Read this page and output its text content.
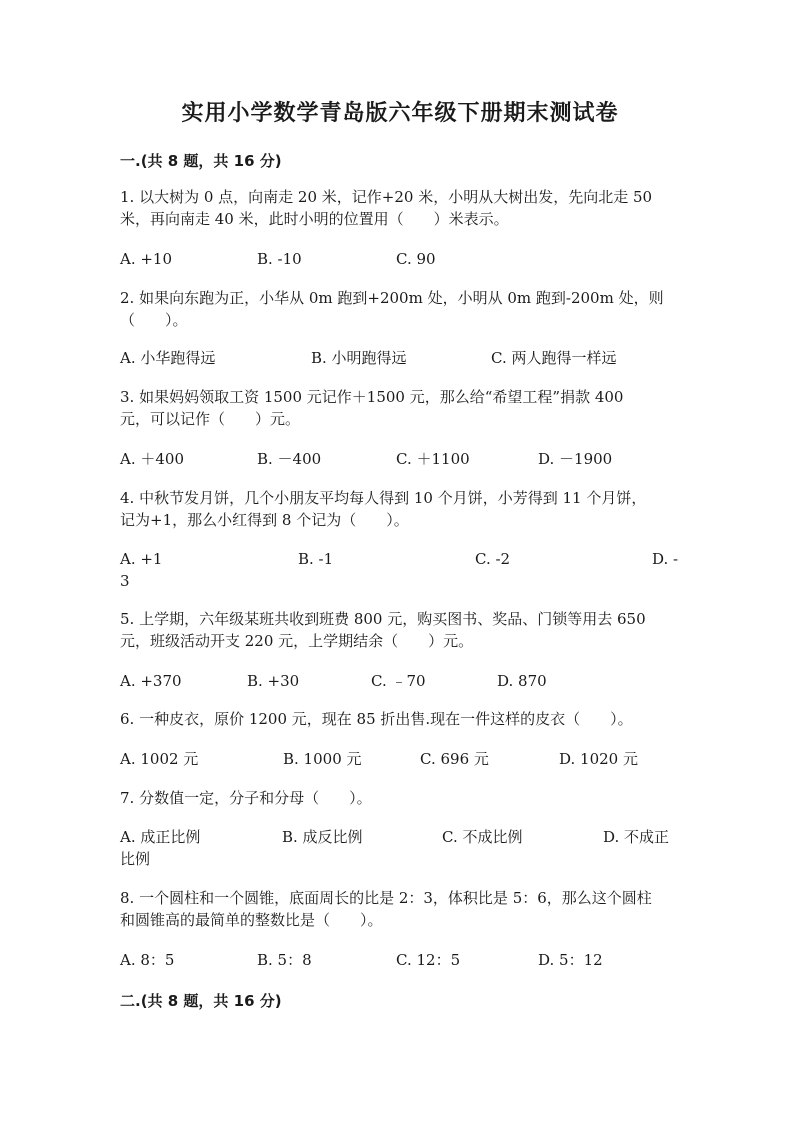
实用小学数学青岛版六年级下册期末测试卷
一.(共 8 题，共 16 分)
1. 以大树为 0 点，向南走 20 米，记作+20 米，小明从大树出发，先向北走 50
米，再向南走 40 米，此时小明的位置用（　　）米表示。
A. +10	B. -10	C. 90
2. 如果向东跑为正，小华从 0m 跑到+200m 处，小明从 0m 跑到-200m 处，则
（　　）。
A. 小华跑得远	B. 小明跑得远	C. 两人跑得一样远
3. 如果妈妈领取工资 1500 元记作＋1500 元，那么给“希望工程”捐款 400
元，可以记作（　　）元。
A. ＋400	B. －400	C. ＋1100	D. －1900
4. 中秋节发月饼，几个小朋友平均每人得到 10 个月饼，小芳得到 11 个月饼，
记为+1，那么小红得到 8 个记为（　　）。
A. +1	B. -1	C. -2	D. -
3
5. 上学期，六年级某班共收到班费 800 元，购买图书、奖品、门锁等用去 650
元，班级活动开支 220 元，上学期结余（　　）元。
A. +370	B. +30	C. ﹣70	D. 870
6. 一种皮衣，原价 1200 元，现在 85 折出售.现在一件这样的皮衣（　　）。
A. 1002 元	B. 1000 元	C. 696 元	D. 1020 元
7. 分数值一定，分子和分母（　　）。
A. 成正比例	B. 成反比例	C. 不成比例	D. 不成正
比例
8. 一个圆柱和一个圆锥，底面周长的比是 2：3，体积比是 5：6，那么这个圆柱
和圆锥高的最简单的整数比是（　　）。
A. 8：5	B. 5：8	C. 12：5	D. 5：12
二.(共 8 题，共 16 分)
